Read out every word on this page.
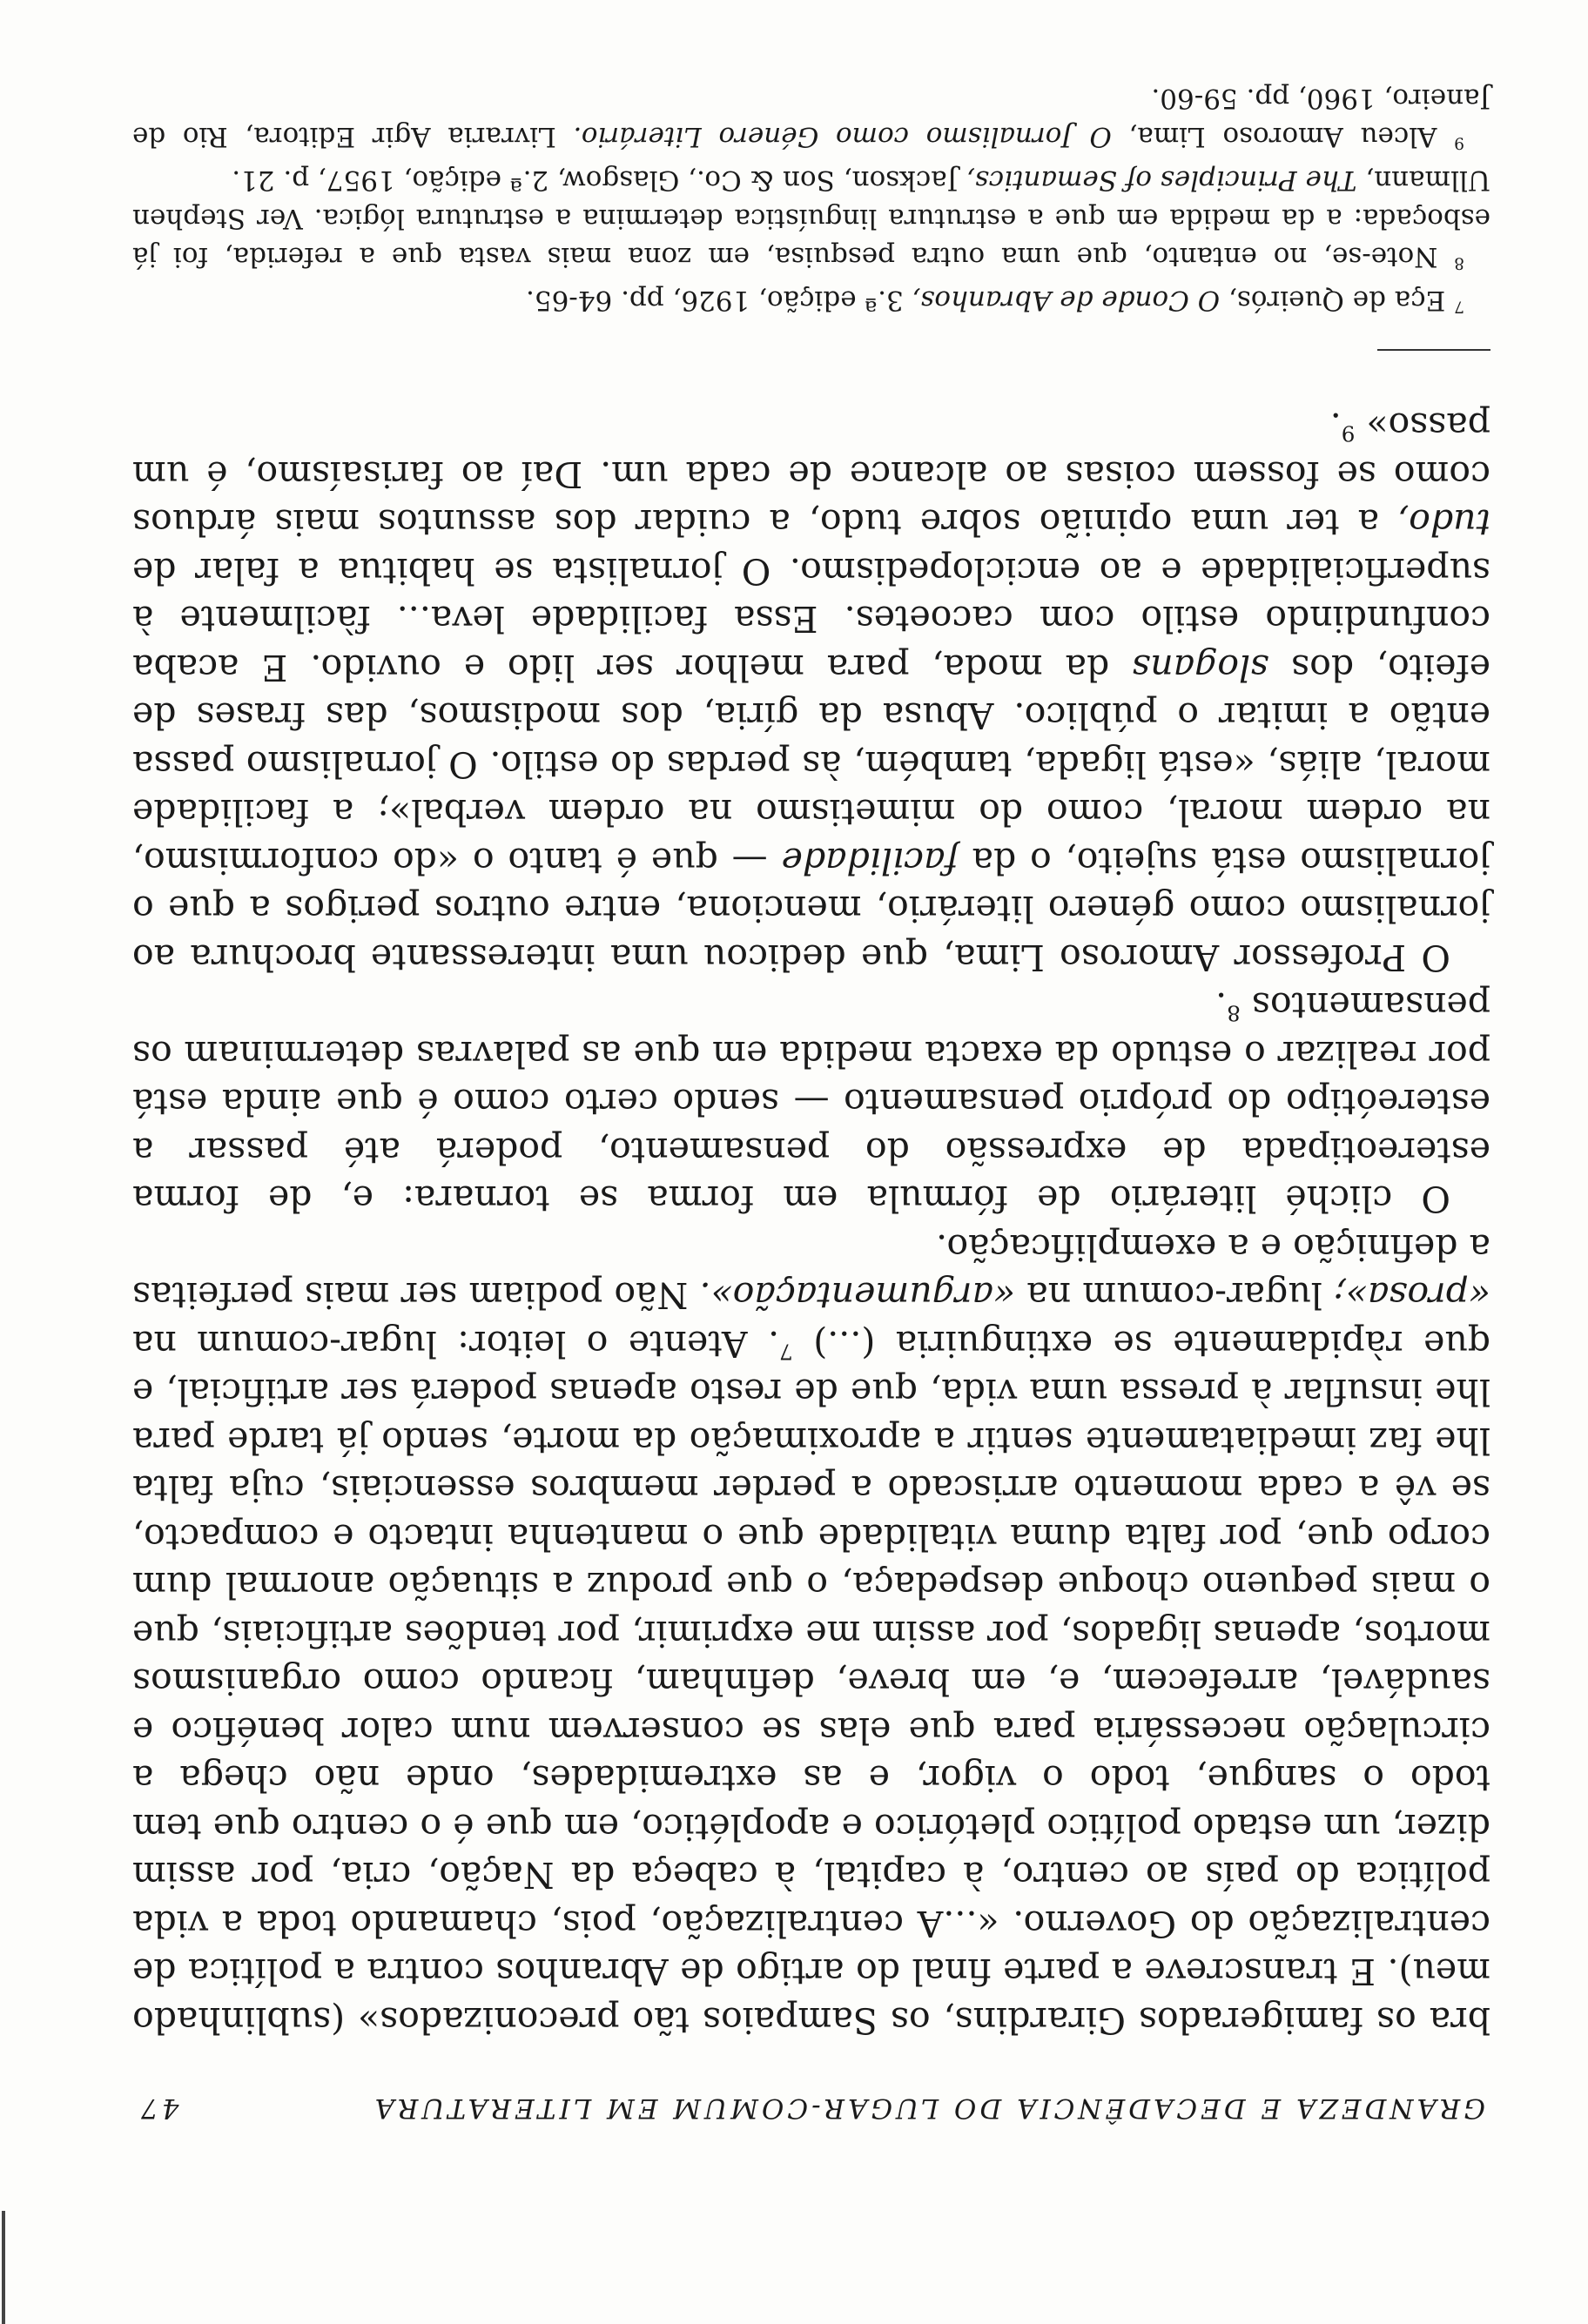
GRANDEZA E DECADÊNCIA DO LUGAR-COMUM EM LITERATURA
47

bra os famigerados Girardins, os Sampaios tão preconizados» (sublinhado meu). E transcreve a parte final do artigo de Abranhos contra a política de centralização do Governo. «...A centralização, pois, chamando toda a vida política do país ao centro, à capital, à cabeça da Nação, cria, por assim dizer, um estado político pletórico e apoplético, em que é o centro que tem todo o sangue, todo o vigor, e as extremidades, onde não chega a circulação necessária para que elas se conservem num calor benéfico e saudável, arrefecem, e, em breve, definham, ficando como organismos mortos, apenas ligados, por assim me exprimir, por tendões artificiais, que o mais pequeno choque despedaça, o que produz a situação anormal dum corpo que, por falta duma vitalidade que o mantenha intacto e compacto, se vê a cada momento arriscado a perder membros essenciais, cuja falta lhe faz imediatamente sentir a aproximação da morte, sendo já tarde para lhe insuflar à pressa uma vida, que de resto apenas poderá ser artificial, e que ràpidamente se extinguiria (...) $^7$. Atente o leitor: lugar-comum na «prosa»; lugar-comum na «argumentação». Não podiam ser mais perfeitas a definição e a exemplificação.

O cliché literário de fórmula em forma se tornara: e, de forma estereotipada de expressão do pensamento, poderá até passar a estereótipo do próprio pensamento — sendo certo como é que ainda está por realizar o estudo da exacta medida em que as palavras determinam os pensamentos $^8$.

O Professor Amoroso Lima, que dedicou uma interessante brochura ao jornalismo como género literário, menciona, entre outros perigos a que o jornalismo está sujeito, o da facilidade — que é tanto o «do conformismo, na ordem moral, como do mimetismo na ordem verbal»; a facilidade moral, aliás, «está ligada, também, às perdas do estilo. O jornalismo passa então a imitar o público. Abusa da gíria, dos modismos, das frases de efeito, dos slogans da moda, para melhor ser lido e ouvido. E acaba confundindo estilo com cacoetes. Essa facilidade leva... fàcilmente à superficialidade e ao enciclopedismo. O jornalista se habitua a falar de tudo, a ter uma opinião sobre tudo, a cuidar dos assuntos mais árduos como se fossem coisas ao alcance de cada um. Daí ao farisaísmo, é um passo» $^9$.

$^7$ Eça de Queirós, O Conde de Abranhos, 3.ª edição, 1926, pp. 64-65.

$^8$ Note-se, no entanto, que uma outra pesquisa, em zona mais vasta que a referida, foi já esboçada: a da medida em que a estrutura linguística determina a estrutura lógica. Ver Stephen Ullmann, The Principles of Semantics, Jackson, Son & Co., Glasgow, 2.ª edição, 1957, p. 21.

$^9$ Alceu Amoroso Lima, O Jornalismo como Género Literário. Livraria Agir Editora, Rio de Janeiro, 1960, pp. 59-60.
